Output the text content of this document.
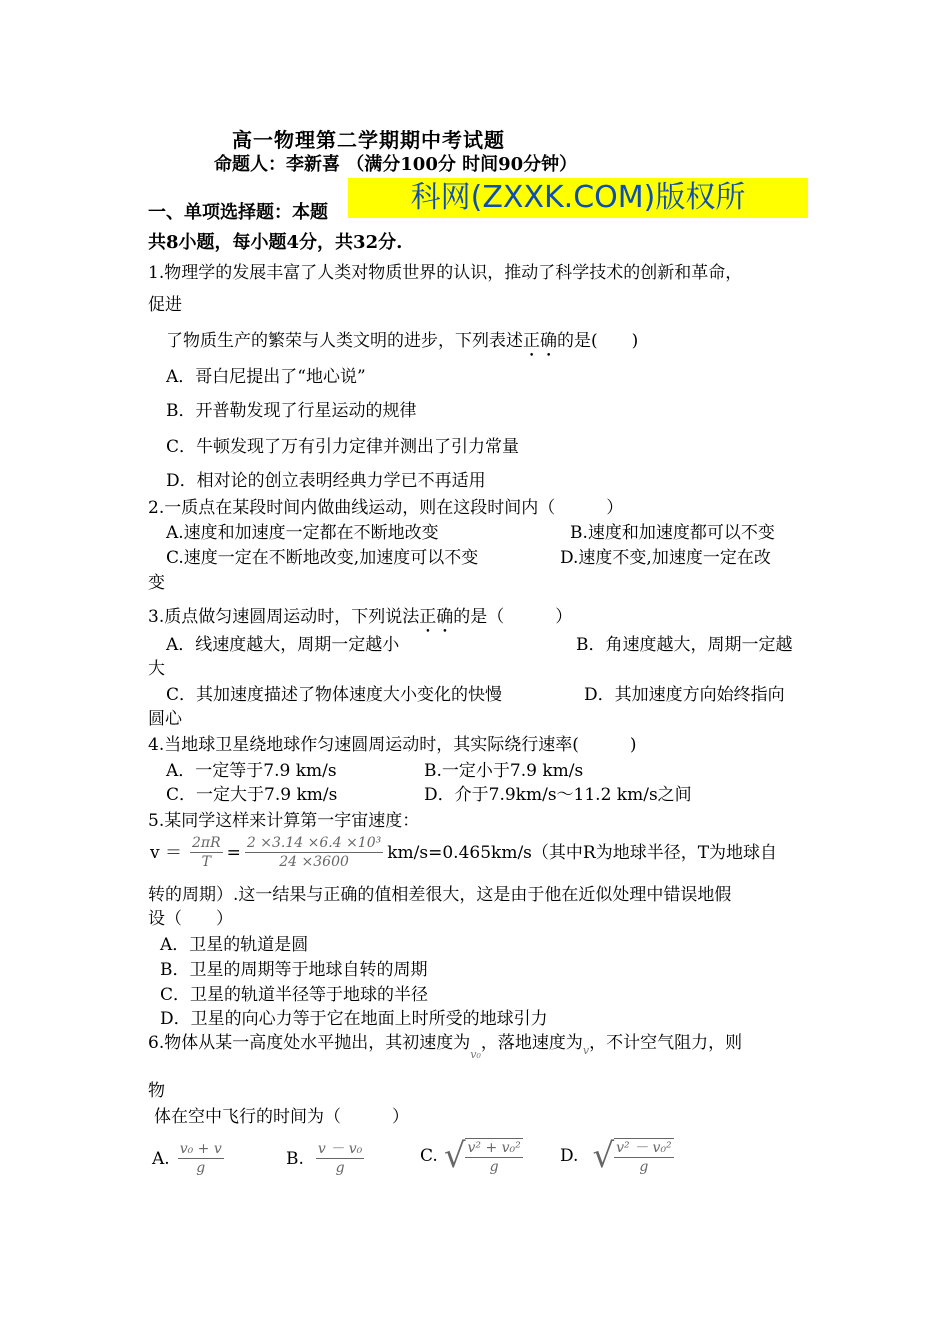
高一物理第二学期期中考试题
命题人：李新喜 （满分100分 时间90分钟）
科网(ZXXK.COM)版权所
一、单项选择题：本题
共8小题，每小题4分，共32分.
1.物理学的发展丰富了人类对物质世界的认识，推动了科学技术的创新和革命，
促进
了物质生产的繁荣与人类文明的进步，下列表述正确的是(　　)
A．哥白尼提出了“地心说”
B．开普勒发现了行星运动的规律
C．牛顿发现了万有引力定律并测出了引力常量
D．相对论的创立表明经典力学已不再适用
2.一质点在某段时间内做曲线运动，则在这段时间内（　　　）
A.速度和加速度一定都在不断地改变	B.速度和加速度都可以不变
C.速度一定在不断地改变,加速度可以不变	D.速度不变,加速度一定在改
变
3.质点做匀速圆周运动时，下列说法正确的是（　　　）
A．线速度越大，周期一定越小	B．角速度越大，周期一定越
大
C．其加速度描述了物体速度大小变化的快慢	D．其加速度方向始终指向
圆心
4.当地球卫星绕地球作匀速圆周运动时，其实际绕行速率(　　　)
A．一定等于7.9 km/s	B.一定小于7.9 km/s
C．一定大于7.9 km/s	D．介于7.9km/s～11.2 km/s之间
5.某同学这样来计算第一宇宙速度：
$v = \frac{2\pi R}{T} = \frac{\text{2 ×3.14 ×6.4 ×10³}}{24 \times 3600} km/s=0.465km/s$（其中R为地球半径，T为地球自
转的周期）.这一结果与正确的值相差很大，这是由于他在近似处理中错误地假
设（　　）
A．卫星的轨道是圆
B．卫星的周期等于地球自转的周期
C．卫星的轨道半径等于地球的半径
D．卫星的向心力等于它在地面上时所受的地球引力
6.物体从某一高度处水平抛出，其初速度为$_{v_0}$，落地速度为$_v$，不计空气阻力，则
物
体在空中飞行的时间为（　　　）
A. $\frac{\text{v₀ + v}}{g}$	B. $\frac{\text{v － v₀}}{g}$	C. √ $\frac{\text{v² + v₀²}}{g} D$. √ $\frac{\text{v² － v₀²}}{g}$
